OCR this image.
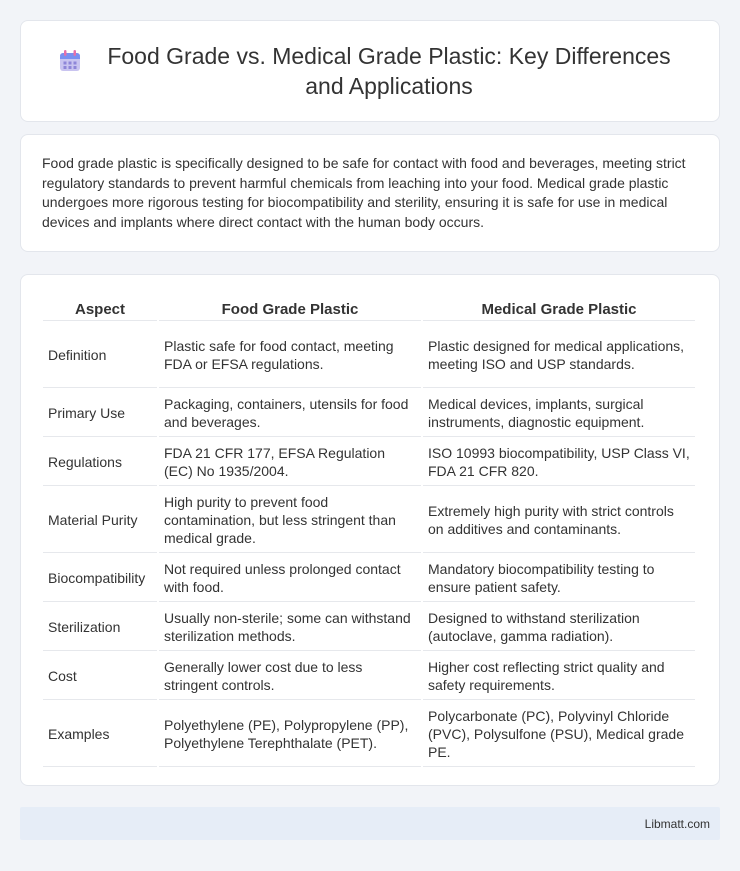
Food Grade vs. Medical Grade Plastic: Key Differences and Applications

Food grade plastic is specifically designed to be safe for contact with food and beverages, meeting strict regulatory standards to prevent harmful chemicals from leaching into your food. Medical grade plastic undergoes more rigorous testing for biocompatibility and sterility, ensuring it is safe for use in medical devices and implants where direct contact with the human body occurs.

Aspect	Food Grade Plastic	Medical Grade Plastic
Definition	Plastic safe for food contact, meeting FDA or EFSA regulations.	Plastic designed for medical applications, meeting ISO and USP standards.
Primary Use	Packaging, containers, utensils for food and beverages.	Medical devices, implants, surgical instruments, diagnostic equipment.
Regulations	FDA 21 CFR 177, EFSA Regulation (EC) No 1935/2004.	ISO 10993 biocompatibility, USP Class VI, FDA 21 CFR 820.
Material Purity	High purity to prevent food contamination, but less stringent than medical grade.	Extremely high purity with strict controls on additives and contaminants.
Biocompatibility	Not required unless prolonged contact with food.	Mandatory biocompatibility testing to ensure patient safety.
Sterilization	Usually non-sterile; some can withstand sterilization methods.	Designed to withstand sterilization (autoclave, gamma radiation).
Cost	Generally lower cost due to less stringent controls.	Higher cost reflecting strict quality and safety requirements.
Examples	Polyethylene (PE), Polypropylene (PP), Polyethylene Terephthalate (PET).	Polycarbonate (PC), Polyvinyl Chloride (PVC), Polysulfone (PSU), Medical grade PE.
Libmatt.com
